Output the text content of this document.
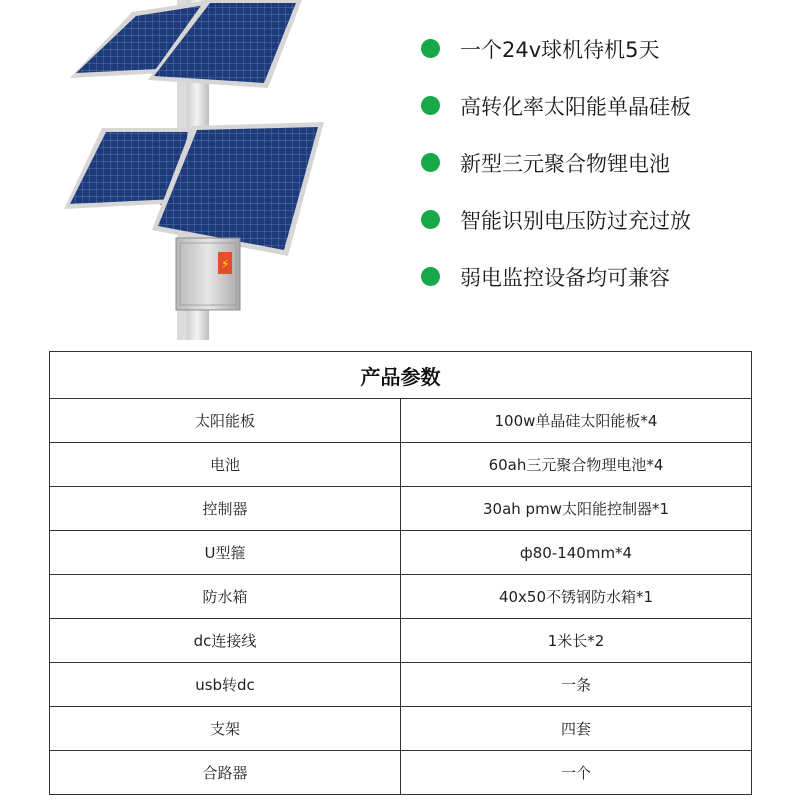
⚡
一个24v球机待机5天
高转化率太阳能单晶硅板
新型三元聚合物锂电池
智能识别电压防过充过放
弱电监控设备均可兼容
产品参数	
太阳能板	100w单晶硅太阳能板*4
电池	60ah三元聚合物理电池*4
控制器	30ah pmw太阳能控制器*1
U型箍	ф80-140mm*4
防水箱	40x50不锈钢防水箱*1
dc连接线	1米长*2
usb转dc	一条
支架	四套
合路器	一个
